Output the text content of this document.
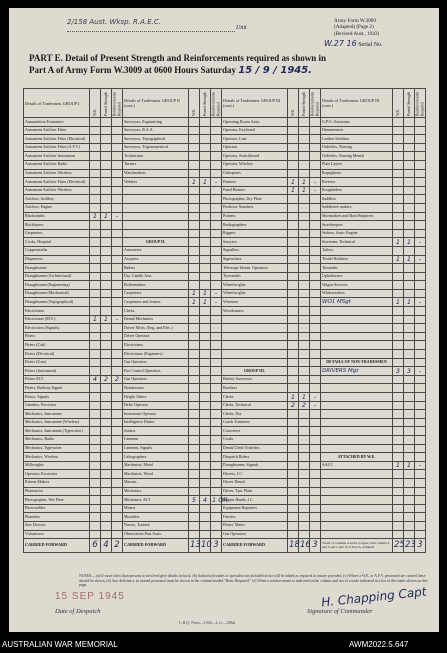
2/158 Aust. Wksp. R.A.E.C.
Unit
Army Form W.3009
(Adapted) (Page 2)
(Revised Aust., 1943)
W.27 16 Serial No.
PART E. Detail of Present Strength and Reinforcements required as shown in
Part A of Army Form W.3009 at 0600 Hours Saturday 15 / 9 / 1945.
Details of Tradesmen. GROUP I.	W.E.	Posted Strength	Reinforcements Required	Details of Tradesmen. GROUP II (cont.)	W.E.	Posted Strength	Reinforcements Required	Details of Tradesmen. GROUP III (cont.)	W.E.	Posted Strength	Reinforcements Required	Details of Tradesmen. GROUP III (cont.)	W.E.	Posted Strength	Reinforcements Required
Ammunition Examiners				Surveyors, Engineering				Operating Room Assts.				G.P.O. Assistants			
Armament Artificer Fitter				Surveyors, R.A.A.				Operator, Keyboard				Hammermen			
Armament Artificer Fitter (Electrical)				Surveyors, Topographical				Operator, Line				Leather Stitchers			
Armament Artificer Fitter (A.F.V.)				Surveyors, Trigonometrical				Optician				Orderlies, Nursing			
Armament Artificer Instrument				Technicians				Operator, Switchboard				Orderlies, Nursing Mental			
Armament Artificer Radio				Turners				Operator, Wireless				Plate Layers			
Armament Artificer Wireless				Watchmakers				Orthoptists				Ropeglsiers			
Armament Artificer Fitter (Electrical)				Welders	1	1	-	Painters	1	1	-	Riveters			
Armament Artificer Wireless								Panel Beaters	1	1	-	Roughriders			
Artificer, Artillery								Photographer, Dry Plate				Saddlers			
Artificer, Engine								Predictor Numbers				Saddletree makers			
Blacksmiths	1	1	-					Printers				Shoemakers and Boot Repairers			
Bricklayers								Radiographers				Storekeepers			
Carpenters								Riggers				Stokers, Static Engine			
Cooks, Hospital				GROUP II.				Sawyers				Storemen, Technical	1	1	-
Coppersmiths				Armourers				Signallers				Tailors			
Dispensers				Assayers				Signwriters				Textile Refitters	1	1	-
Draughtsmen				Bakers				Telescope Identn. Operators				Tinsmiths			
Draughtsmen (Architectural)				Dry. Candle Asst.				Tyresmiths				Upholsterers			
Draughtsmen (Engineering)				Boilermakers				Wheelwrights				Wagon Erectors			
Draughtsmen (Mechanical)				Carpenters	1	1	-	Wheelwrights				Whitewashers			
Draughtsmen (Topographical)				Carpenters and Joiners	1	1	-	Wiremen				WO1 MSgt	1	1	-
Electricians				Clerks				Woodturners							
Electricians (M.V.)	1	1	-	Dental Mechanics											
Electricians (Signals)				Driver Mech. (Eng. and Elec.)											
Fitters				Driver Operator											
Fitters (Cab)				Electricians											
Fitters (Electrical)				Electricians (Engineers)											
Fitters (Gun)				Gas Operators								DETAILS OF NON-TRADESMEN			
Fitters (Instrument)				Fire Control Operators				GROUP III.				DRIVERS Mgt	3	3	-
Fitters M.T.	4	2	2	Gas Operators				Battery Surveyors							
Fitters, Railway Signal				Hairdressers				Butchers							
Fitters, Signals				Height Takers				Clerks	1	1	-				
Grinders, Precision				Helio Operator				Clerks, Technical	2	2	-				
Mechanics, Instrument				Instrument Operator				Clerks, Pay							
Mechanics, Instrument (Wireless)				Intelligence Duties				Coach Trimmers							
Mechanics, Instrument (Typewriter)				Joiners				Concreters							
Mechanics, Radio				Linemen				Cooks							
Mechanics, Typewriter				Linemen, Signals				Dental Clerk Orderlies							
Mechanics, Wireless				Lithographers				Despatch Riders				ATTACHED BY W.E.			
Millwrights				Machinists, Metal				Draughtsmen, Signals				AACC	1	1	-
Operator, Excavator				Machinists, Wood				Drivers, I.C.							
Pattern Makers				Masons				Driver Dental							
Pharmacist				Mechanics				Driver, Tptr. Plant							
Photographer, Wet Plate				Mechanics, M.T.	5	4	1 OR	Engine Hands, I.C.							
Photowelder				Miners				Equipment Repairers							
Plumbers				Moulders				Farriers							
Saw Doctors				Nurses, Trained				Fitters' Mates							
Vulcanisers				Observation Post Assts.				Gas Operators							
CARRIED FORWARD	6	4	2	CARRIED FORWARD	13	10	3	CARRIED FORWARD	18	16	3	Totals of columns 4 and 6 to agree with column 4 and 5 and 1 and 10 of Part A, Alligned	25	23	3
NOTES.—(a) If more other than persons to involved give details on back. (b) Authorised trades or specialist not included in list will be added as required to ensure provided. (c) Where a W.E. or A.F.V. personnel are carried these should be shown. (d) Any deficiency in trained personnel must be shown in the column headed "Rein. Required." (e) When a reinforcement is indicated in the column and not of a trade indicated in a list of the trades shown on this page.
15 SEP 1945
Date of Despatch
H. Chapping Capt
Signature of Commander
L.H.Q. Press—1944—L.G.—20hh.
AUSTRALIAN WAR MEMORIAL	AWM2022.5.647
